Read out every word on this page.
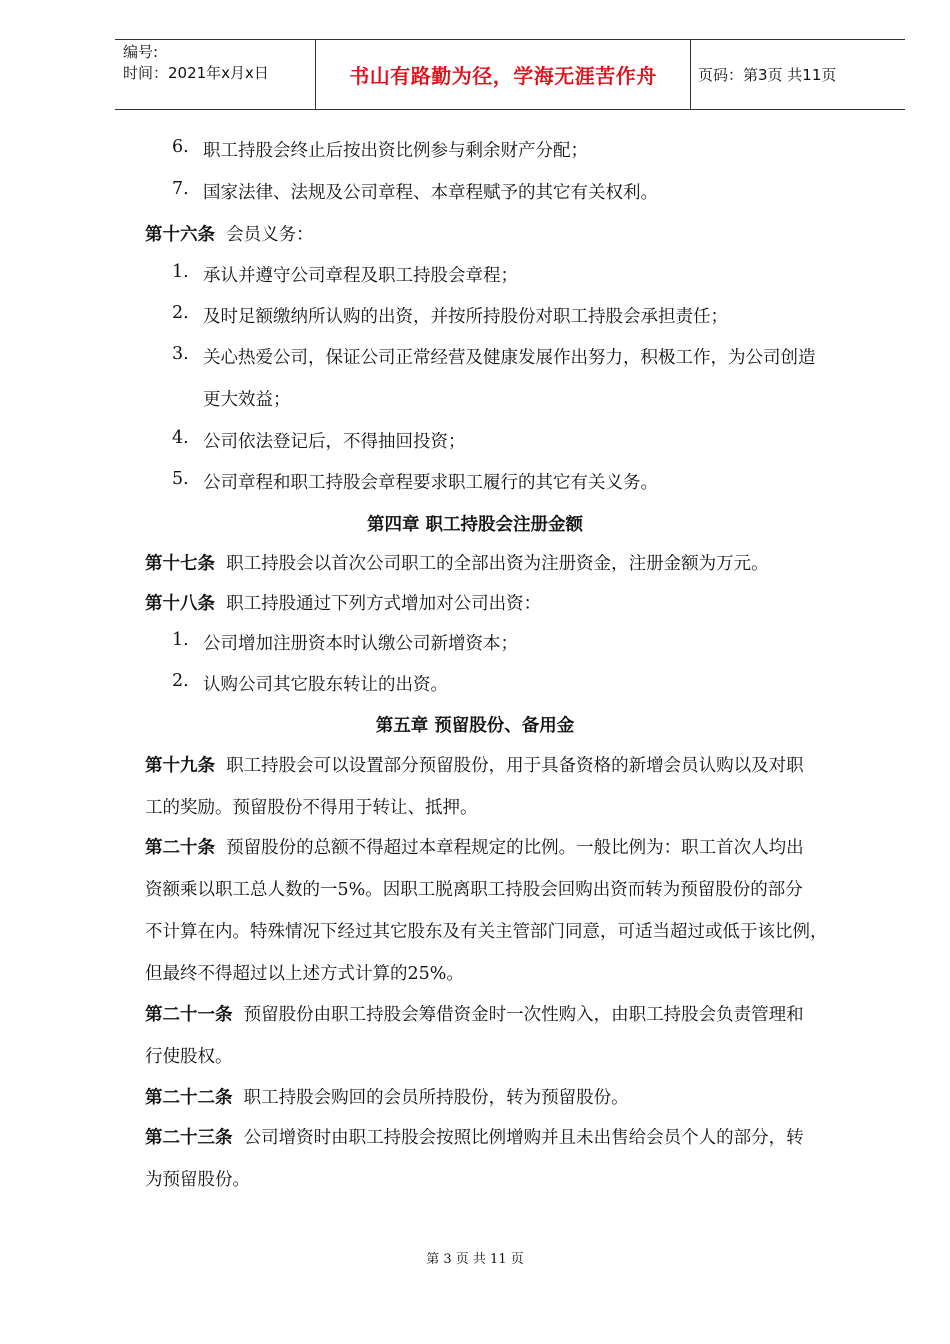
编号:
时间：2021年x月x日	书山有路勤为径，学海无涯苦作舟	页码：第3页 共11页
6. 职工持股会终止后按出资比例参与剩余财产分配；
7. 国家法律、法规及公司章程、本章程赋予的其它有关权利。
第十六条 会员义务：
1. 承认并遵守公司章程及职工持股会章程；
2. 及时足额缴纳所认购的出资，并按所持股份对职工持股会承担责任；
3. 关心热爱公司，保证公司正常经营及健康发展作出努力，积极工作，为公司创造
更大效益；
4. 公司依法登记后，不得抽回投资；
5. 公司章程和职工持股会章程要求职工履行的其它有关义务。
第四章 职工持股会注册金额
第十七条 职工持股会以首次公司职工的全部出资为注册资金，注册金额为万元。
第十八条 职工持股通过下列方式增加对公司出资：
1. 公司增加注册资本时认缴公司新增资本；
2. 认购公司其它股东转让的出资。
第五章 预留股份、备用金
第十九条 职工持股会可以设置部分预留股份，用于具备资格的新增会员认购以及对职
工的奖励。预留股份不得用于转让、抵押。
第二十条 预留股份的总额不得超过本章程规定的比例。一般比例为：职工首次人均出
资额乘以职工总人数的一5%。因职工脱离职工持股会回购出资而转为预留股份的部分
不计算在内。特殊情况下经过其它股东及有关主管部门同意，可适当超过或低于该比例，
但最终不得超过以上述方式计算的25%。
第二十一条 预留股份由职工持股会筹借资金时一次性购入，由职工持股会负责管理和
行使股权。
第二十二条 职工持股会购回的会员所持股份，转为预留股份。
第二十三条 公司增资时由职工持股会按照比例增购并且未出售给会员个人的部分，转
为预留股份。
第 3 页 共 11 页
